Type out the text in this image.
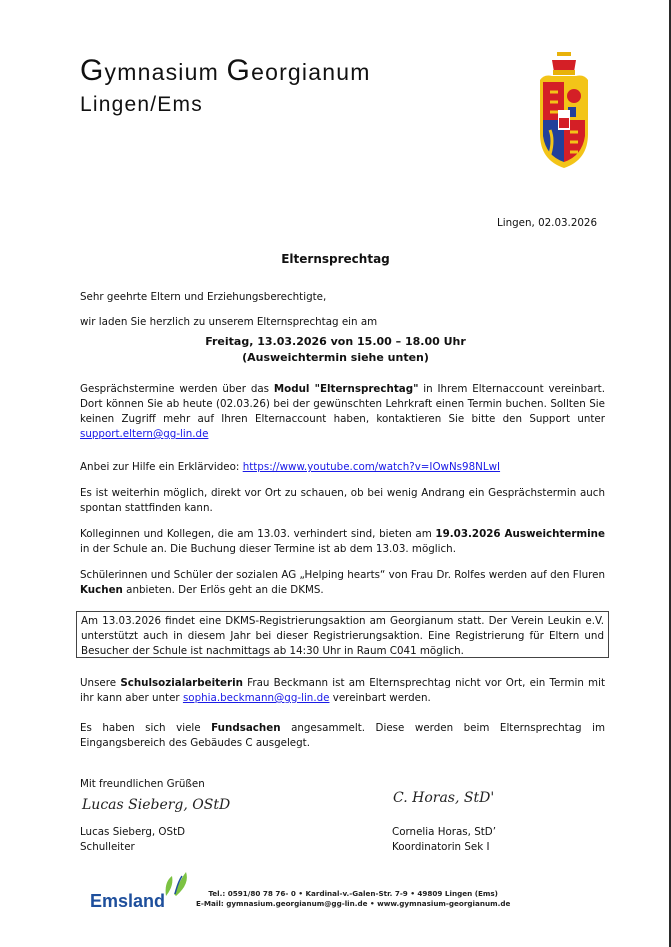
Gymnasium Georgianum
Lingen/Ems
Lingen, 02.03.2026
Elternsprechtag
Sehr geehrte Eltern und Erziehungsberechtigte,
wir laden Sie herzlich zu unserem Elternsprechtag ein am
Freitag, 13.03.2026 von 15.00 – 18.00 Uhr
(Ausweichtermin siehe unten)
Gesprächstermine werden über das Modul "Elternsprechtag" in Ihrem Elternaccount vereinbart. Dort können Sie ab heute (02.03.26) bei der gewünschten Lehrkraft einen Termin buchen. Sollten Sie keinen Zugriff mehr auf Ihren Elternaccount haben, kontaktieren Sie bitte den Support unter support.eltern@gg-lin.de
Anbei zur Hilfe ein Erklärvideo: https://www.youtube.com/watch?v=IOwNs98NLwI
Es ist weiterhin möglich, direkt vor Ort zu schauen, ob bei wenig Andrang ein Gesprächstermin auch spontan stattfinden kann.
Kolleginnen und Kollegen, die am 13.03. verhindert sind, bieten am 19.03.2026 Ausweichtermine in der Schule an. Die Buchung dieser Termine ist ab dem 13.03. möglich.
Schülerinnen und Schüler der sozialen AG „Helping hearts“ von Frau Dr. Rolfes werden auf den Fluren Kuchen anbieten. Der Erlös geht an die DKMS.
Am 13.03.2026 findet eine DKMS-Registrierungsaktion am Georgianum statt. Der Verein Leukin e.V. unterstützt auch in diesem Jahr bei dieser Registrierungsaktion. Eine Registrierung für Eltern und Besucher der Schule ist nachmittags ab 14:30 Uhr in Raum C041 möglich.
Unsere Schulsozialarbeiterin Frau Beckmann ist am Elternsprechtag nicht vor Ort, ein Termin mit ihr kann aber unter sophia.beckmann@gg-lin.de vereinbart werden.
Es haben sich viele Fundsachen angesammelt. Diese werden beim Elternsprechtag im Eingangsbereich des Gebäudes C ausgelegt.
Mit freundlichen Grüßen
Lucas Sieberg, OStD
Lucas Sieberg, OStD
Schulleiter
C. Horas, StD'
Cornelia Horas, StD’
Koordinatorin Sek I
Emsland	Tel.: 0591/80 78 76- 0 • Kardinal-v.-Galen-Str. 7-9 • 49809 Lingen (Ems)
E-Mail: gymnasium.georgianum@gg-lin.de • www.gymnasium-georgianum.de
